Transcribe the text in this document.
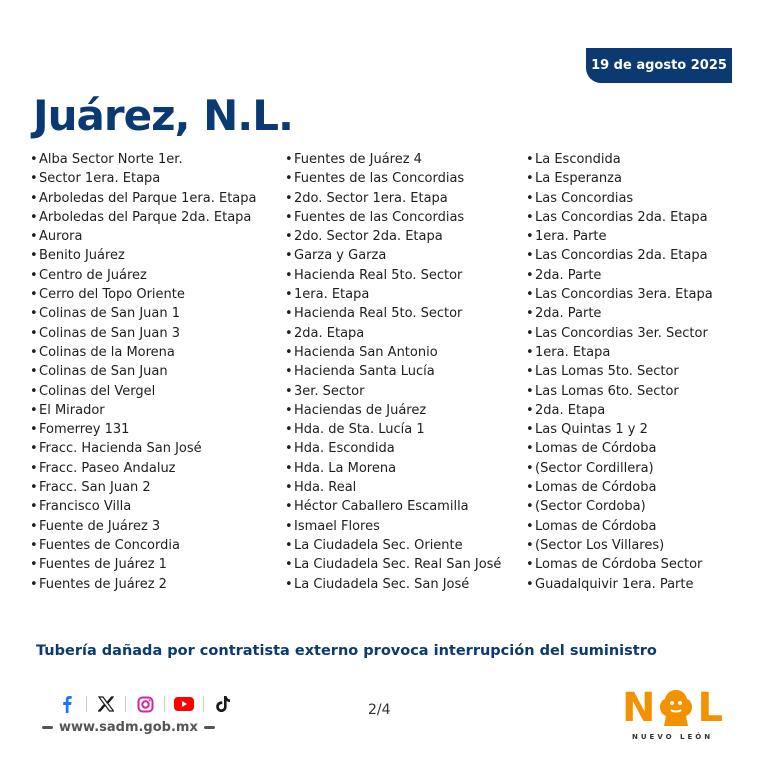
19 de agosto 2025
Juárez, N.L.
• Alba Sector Norte 1er.
• Sector 1era. Etapa
• Arboledas del Parque 1era. Etapa
• Arboledas del Parque 2da. Etapa
• Aurora
• Benito Juárez
• Centro de Juárez
• Cerro del Topo Oriente
• Colinas de San Juan 1
• Colinas de San Juan 3
• Colinas de la Morena
• Colinas de San Juan
• Colinas del Vergel
• El Mirador
• Fomerrey 131
• Fracc. Hacienda San José
• Fracc. Paseo Andaluz
• Fracc. San Juan 2
• Francisco Villa
• Fuente de Juárez 3
• Fuentes de Concordia
• Fuentes de Juárez 1
• Fuentes de Juárez 2
• Fuentes de Juárez 4
• Fuentes de las Concordias
• 2do. Sector 1era. Etapa
• Fuentes de las Concordias
• 2do. Sector 2da. Etapa
• Garza y Garza
• Hacienda Real 5to. Sector
• 1era. Etapa
• Hacienda Real 5to. Sector
• 2da. Etapa
• Hacienda San Antonio
• Hacienda Santa Lucía
• 3er. Sector
• Haciendas de Juárez
• Hda. de Sta. Lucía 1
• Hda. Escondida
• Hda. La Morena
• Hda. Real
• Héctor Caballero Escamilla
• Ismael Flores
• La Ciudadela Sec. Oriente
• La Ciudadela Sec. Real San José
• La Ciudadela Sec. San José
• La Escondida
• La Esperanza
• Las Concordias
• Las Concordias 2da. Etapa
• 1era. Parte
• Las Concordias 2da. Etapa
• 2da. Parte
• Las Concordias 3era. Etapa
• 2da. Parte
• Las Concordias 3er. Sector
• 1era. Etapa
• Las Lomas 5to. Sector
• Las Lomas 6to. Sector
• 2da. Etapa
• Las Quintas 1 y 2
• Lomas de Córdoba
• (Sector Cordillera)
• Lomas de Córdoba
• (Sector Cordoba)
• Lomas de Córdoba
• (Sector Los Villares)
• Lomas de Córdoba Sector
• Guadalquivir 1era. Parte

Tubería dañada por contratista externo provoca interrupción del suministro

www.sadm.gob.mx
2/4	N L
NUEVO LEÓN
